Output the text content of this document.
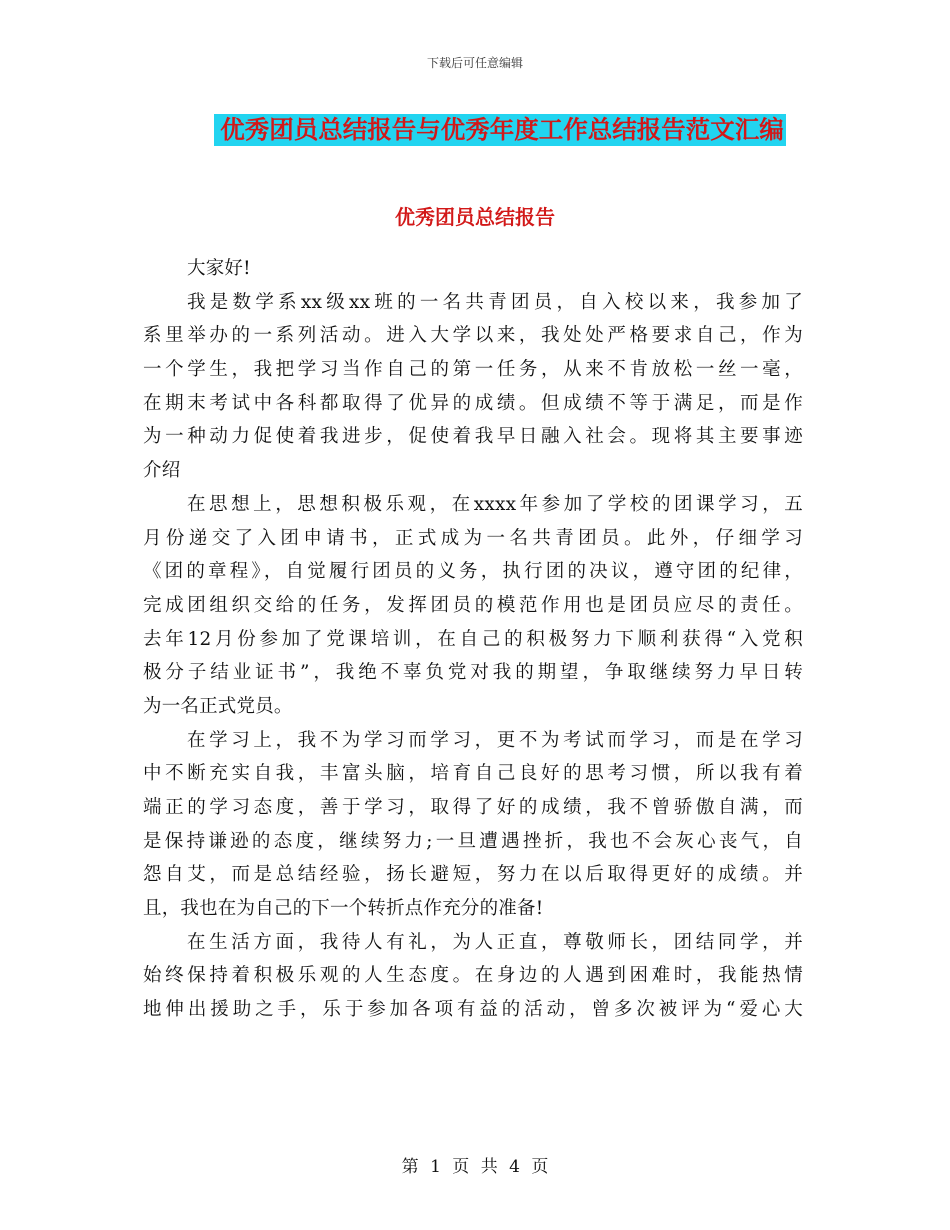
下载后可任意编辑
优秀团员总结报告与优秀年度工作总结报告范文汇编
优秀团员总结报告
大家好!
我是数学系xx级xx班的一名共青团员，自入校以来，我参加了
系里举办的一系列活动。进入大学以来，我处处严格要求自己，作为
一个学生，我把学习当作自己的第一任务，从来不肯放松一丝一毫，
在期末考试中各科都取得了优异的成绩。但成绩不等于满足，而是作
为一种动力促使着我进步，促使着我早日融入社会。现将其主要事迹
介绍
在思想上，思想积极乐观，在xxxx年参加了学校的团课学习，五
月份递交了入团申请书，正式成为一名共青团员。此外，仔细学习
《团的章程》，自觉履行团员的义务，执行团的决议，遵守团的纪律，
完成团组织交给的任务，发挥团员的模范作用也是团员应尽的责任。
去年12月份参加了党课培训，在自己的积极努力下顺利获得“入党积
极分子结业证书”，我绝不辜负党对我的期望，争取继续努力早日转
为一名正式党员。
在学习上，我不为学习而学习，更不为考试而学习，而是在学习
中不断充实自我，丰富头脑，培育自己良好的思考习惯，所以我有着
端正的学习态度，善于学习，取得了好的成绩，我不曾骄傲自满，而
是保持谦逊的态度，继续努力;一旦遭遇挫折，我也不会灰心丧气，自
怨自艾，而是总结经验，扬长避短，努力在以后取得更好的成绩。并
且，我也在为自己的下一个转折点作充分的准备!
在生活方面，我待人有礼，为人正直，尊敬师长，团结同学，并
始终保持着积极乐观的人生态度。在身边的人遇到困难时，我能热情
地伸出援助之手，乐于参加各项有益的活动，曾多次被评为“爱心大
第 1 页 共 4 页
